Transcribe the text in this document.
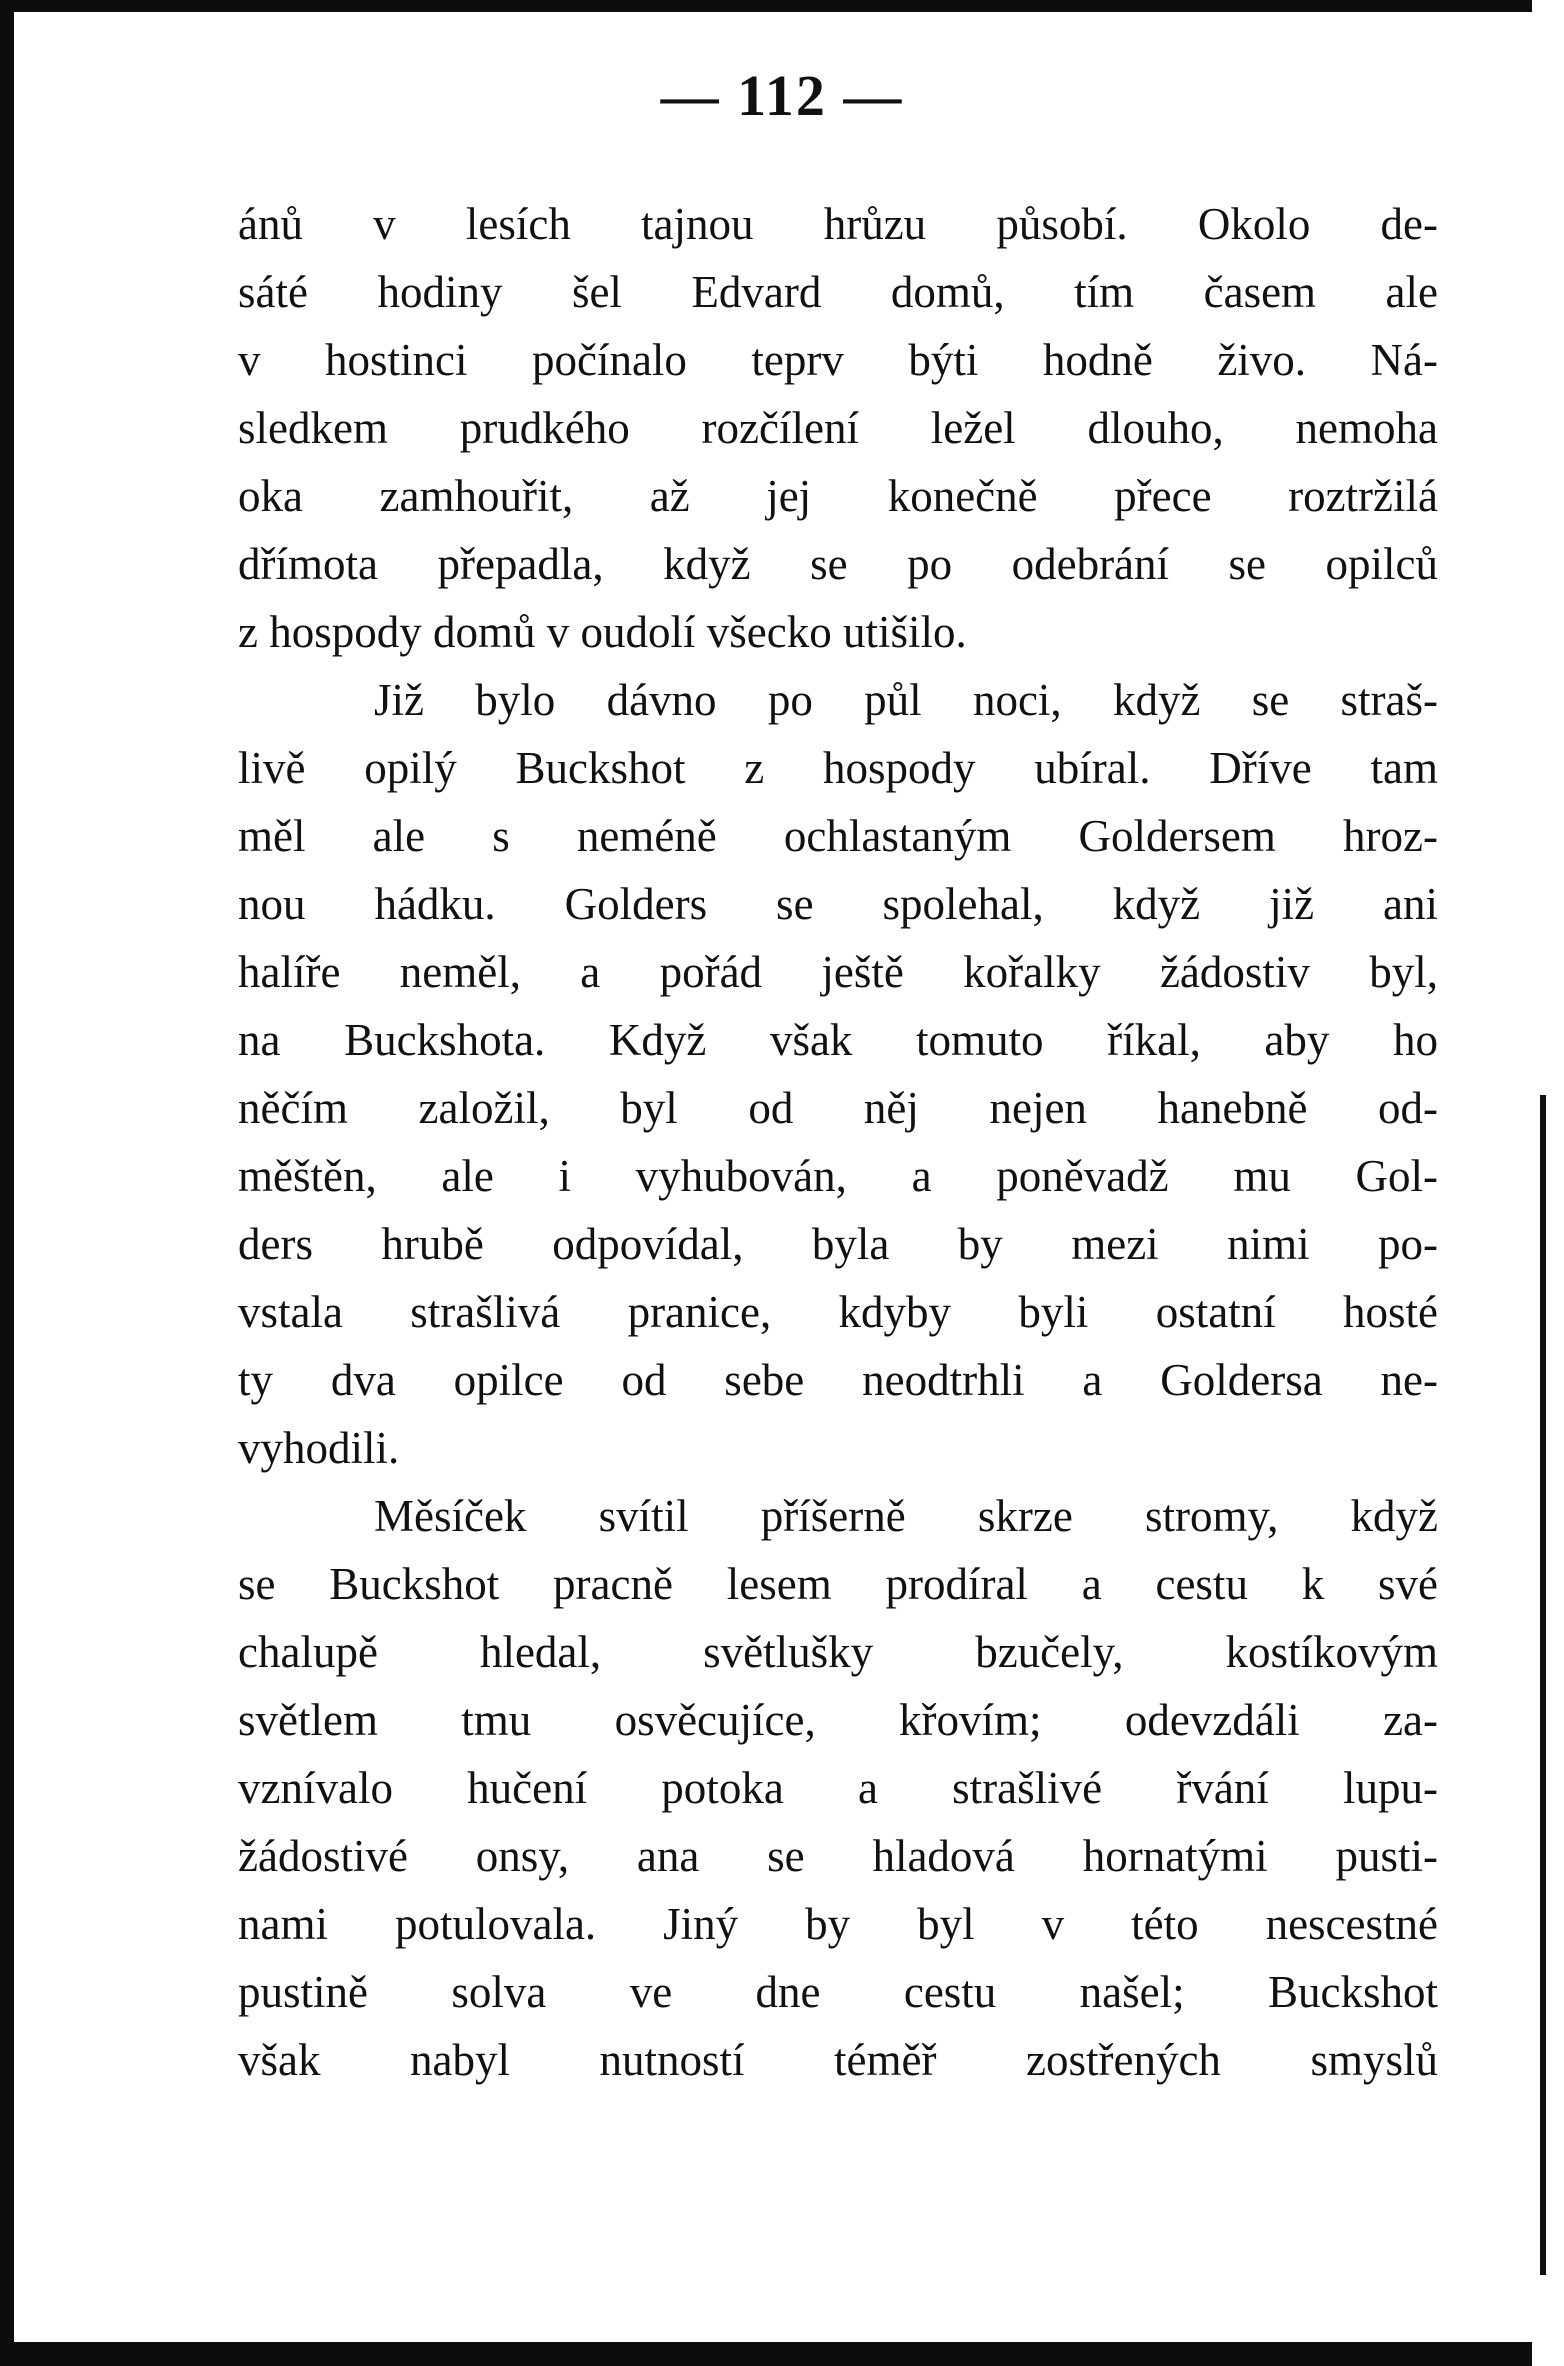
— 112 —
ánů v lesích tajnou hrůzu působí. Okolo de-
sáté hodiny šel Edvard domů, tím časem ale
v hostinci počínalo teprv býti hodně živo. Ná-
sledkem prudkého rozčílení ležel dlouho, nemoha
oka zamhouřit, až jej konečně přece roztržilá
dřímota přepadla, když se po odebrání se opilců
z hospody domů v oudolí všecko utišilo.
Již bylo dávno po půl noci, když se straš-
livě opilý Buckshot z hospody ubíral. Dříve tam
měl ale s neméně ochlastaným Goldersem hroz-
nou hádku. Golders se spolehal, když již ani
halíře neměl, a pořád ještě kořalky žádostiv byl,
na Buckshota. Když však tomuto říkal, aby ho
něčím založil, byl od něj nejen hanebně od-
měštěn, ale i vyhubován, a poněvadž mu Gol-
ders hrubě odpovídal, byla by mezi nimi po-
vstala strašlivá pranice, kdyby byli ostatní hosté
ty dva opilce od sebe neodtrhli a Goldersa ne-
vyhodili.
Měsíček svítil příšerně skrze stromy, když
se Buckshot pracně lesem prodíral a cestu k své
chalupě hledal, světlušky bzučely, kostíkovým
světlem tmu osvěcujíce, křovím; odevzdáli za-
vznívalo hučení potoka a strašlivé řvání lupu-
žádostivé onsy, ana se hladová hornatými pusti-
nami potulovala. Jiný by byl v této nescestné
pustině solva ve dne cestu našel; Buckshot
však nabyl nutností téměř zostřených smyslů
